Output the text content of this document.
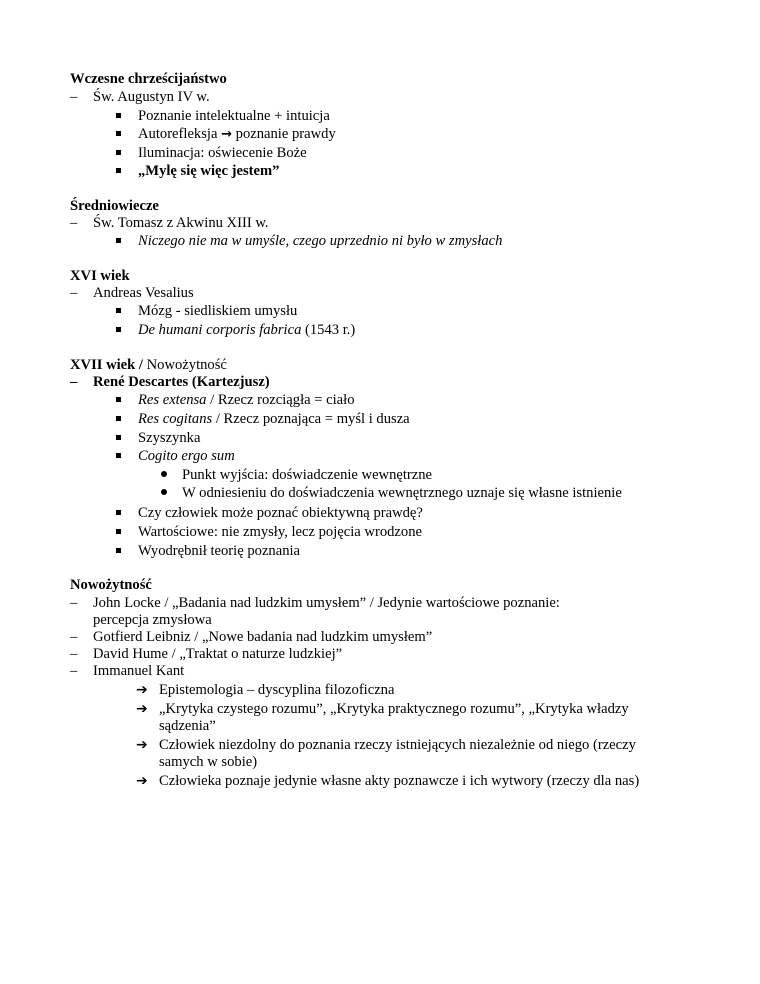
Wczesne chrześcijaństwo
– Św. Augustyn IV w.
Poznanie intelektualne + intuicja
Autorefleksja → poznanie prawdy
Iluminacja: oświecenie Boże
„Mylę się więc jestem”
Średniowiecze
– Św. Tomasz z Akwinu XIII w.
Niczego nie ma w umyśle, czego uprzednio ni było w zmysłach
XVI wiek
– Andreas Vesalius
Mózg - siedliskiem umysłu
De humani corporis fabrica (1543 r.)
XVII wiek / Nowożytność
– René Descartes (Kartezjusz)
Res extensa / Rzecz rozciągła = ciało
Res cogitans / Rzecz poznająca = myśl i dusza
Szyszynka
Cogito ergo sum
Punkt wyjścia: doświadczenie wewnętrzne
W odniesieniu do doświadczenia wewnętrznego uznaje się własne istnienie
Czy człowiek może poznać obiektywną prawdę?
Wartościowe: nie zmysły, lecz pojęcia wrodzone
Wyodrębnił teorię poznania
Nowożytność
– John Locke / „Badania nad ludzkim umysłem” / Jedynie wartościowe poznanie:
percepcja zmysłowa
– Gotfierd Leibniz / „Nowe badania nad ludzkim umysłem”
– David Hume / „Traktat o naturze ludzkiej”
– Immanuel Kant
➔ Epistemologia – dyscyplina filozoficzna
➔ „Krytyka czystego rozumu”, „Krytyka praktycznego rozumu”, „Krytyka władzy
sądzenia”
➔ Człowiek niezdolny do poznania rzeczy istniejących niezależnie od niego (rzeczy
samych w sobie)
➔ Człowieka poznaje jedynie własne akty poznawcze i ich wytwory (rzeczy dla nas)
